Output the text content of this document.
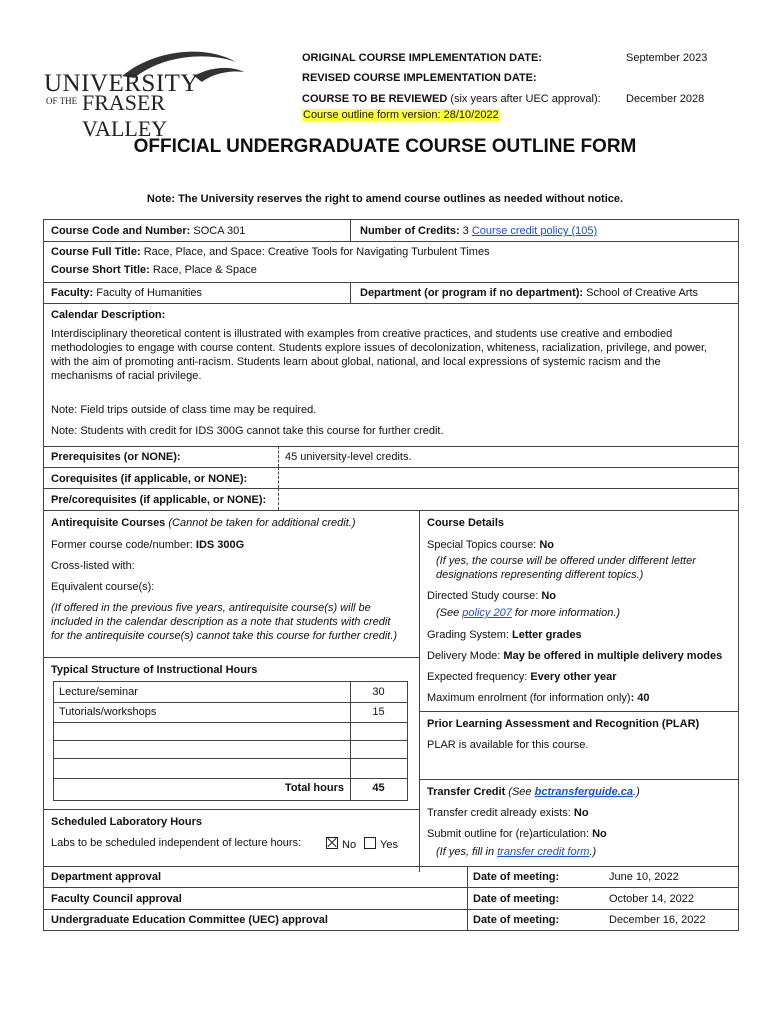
UNIVERSITY
OF THE FRASER VALLEY
ORIGINAL COURSE IMPLEMENTATION DATE:	September 2023
REVISED COURSE IMPLEMENTATION DATE:
COURSE TO BE REVIEWED (six years after UEC approval): December 2028
Course outline form version: 28/10/2022
OFFICIAL UNDERGRADUATE COURSE OUTLINE FORM
Note: The University reserves the right to amend course outlines as needed without notice.
Course Code and Number: SOCA 301	Number of Credits: 3 Course credit policy (105)
Course Full Title: Race, Place, and Space: Creative Tools for Navigating Turbulent Times
Course Short Title: Race, Place & Space
Faculty: Faculty of Humanities	Department (or program if no department): School of Creative Arts
Calendar Description:
Interdisciplinary theoretical content is illustrated with examples from creative practices, and students use creative and embodied
methodologies to engage with course content. Students explore issues of decolonization, whiteness, racialization, privilege, and power,
with the aim of promoting anti-racism. Students learn about global, national, and local expressions of systemic racism and the
mechanisms of racial privilege.
Note: Field trips outside of class time may be required.
Note: Students with credit for IDS 300G cannot take this course for further credit.
Prerequisites (or NONE):	45 university-level credits.
Corequisites (if applicable, or NONE):
Pre/corequisites (if applicable, or NONE):
Antirequisite Courses (Cannot be taken for additional credit.)
Former course code/number: IDS 300G
Cross-listed with:
Equivalent course(s):
(If offered in the previous five years, antirequisite course(s) will be
included in the calendar description as a note that students with credit
for the antirequisite course(s) cannot take this course for further credit.)
Typical Structure of Instructional Hours
Lecture/seminar	30
Tutorials/workshops	15
Total hours	45
Scheduled Laboratory Hours
Labs to be scheduled independent of lecture hours:	No	Yes
Course Details
Special Topics course: No
(If yes, the course will be offered under different letter
designations representing different topics.)
Directed Study course: No
(See policy 207 for more information.)
Grading System: Letter grades
Delivery Mode: May be offered in multiple delivery modes
Expected frequency: Every other year
Maximum enrolment (for information only): 40
Prior Learning Assessment and Recognition (PLAR)
PLAR is available for this course.
Transfer Credit (See bctransferguide.ca.)
Transfer credit already exists: No
Submit outline for (re)articulation: No
(If yes, fill in transfer credit form.)
Department approval	Date of meeting:	June 10, 2022
Faculty Council approval	Date of meeting:	October 14, 2022
Undergraduate Education Committee (UEC) approval	Date of meeting:	December 16, 2022
